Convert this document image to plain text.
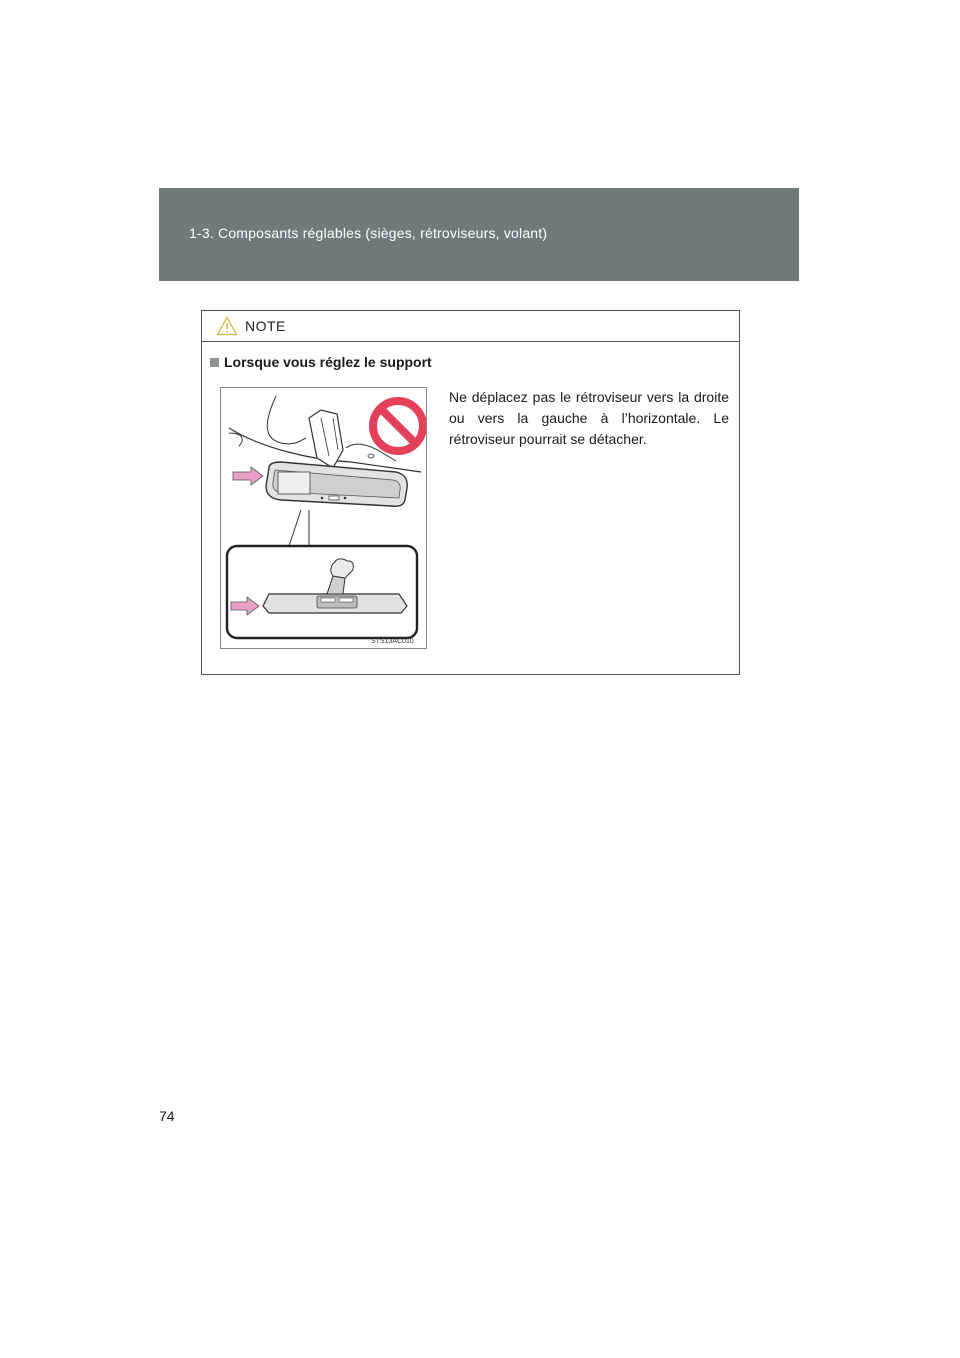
1-3. Composants réglables (sièges, rétroviseurs, volant)
NOTE
Lorsque vous réglez le support
STS13AC010
Ne déplacez pas le rétroviseur vers la droite ou vers la gauche à l’horizontale. Le rétroviseur pourrait se détacher.
74
